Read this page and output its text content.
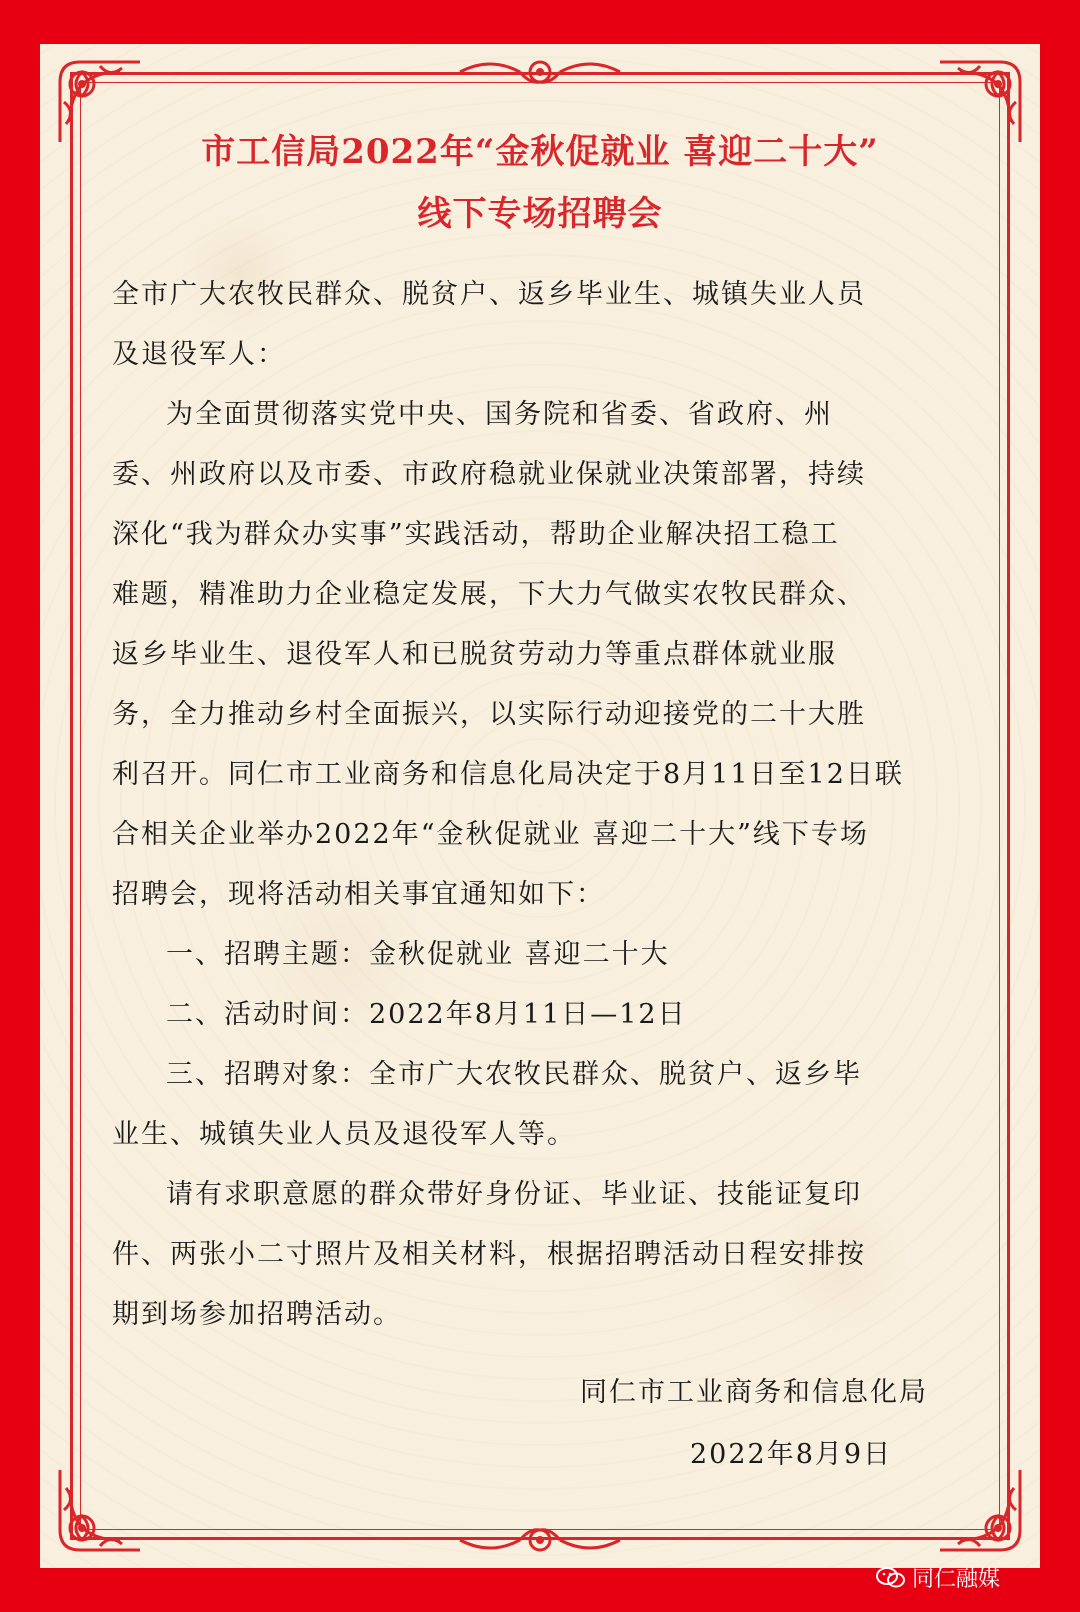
市工信局2022年“金秋促就业 喜迎二十大”
线下专场招聘会
全市广大农牧民群众、脱贫户、返乡毕业生、城镇失业人员
及退役军人：
为全面贯彻落实党中央、国务院和省委、省政府、州
委、州政府以及市委、市政府稳就业保就业决策部署，持续
深化“我为群众办实事”实践活动，帮助企业解决招工稳工
难题，精准助力企业稳定发展，下大力气做实农牧民群众、
返乡毕业生、退役军人和已脱贫劳动力等重点群体就业服
务，全力推动乡村全面振兴，以实际行动迎接党的二十大胜
利召开。同仁市工业商务和信息化局决定于8月11日至12日联
合相关企业举办2022年“金秋促就业 喜迎二十大”线下专场
招聘会，现将活动相关事宜通知如下：
一、招聘主题：金秋促就业 喜迎二十大
二、活动时间：2022年8月11日—12日
三、招聘对象：全市广大农牧民群众、脱贫户、返乡毕
业生、城镇失业人员及退役军人等。
请有求职意愿的群众带好身份证、毕业证、技能证复印
件、两张小二寸照片及相关材料，根据招聘活动日程安排按
期到场参加招聘活动。
同仁市工业商务和信息化局
2022年8月9日
同仁融媒
